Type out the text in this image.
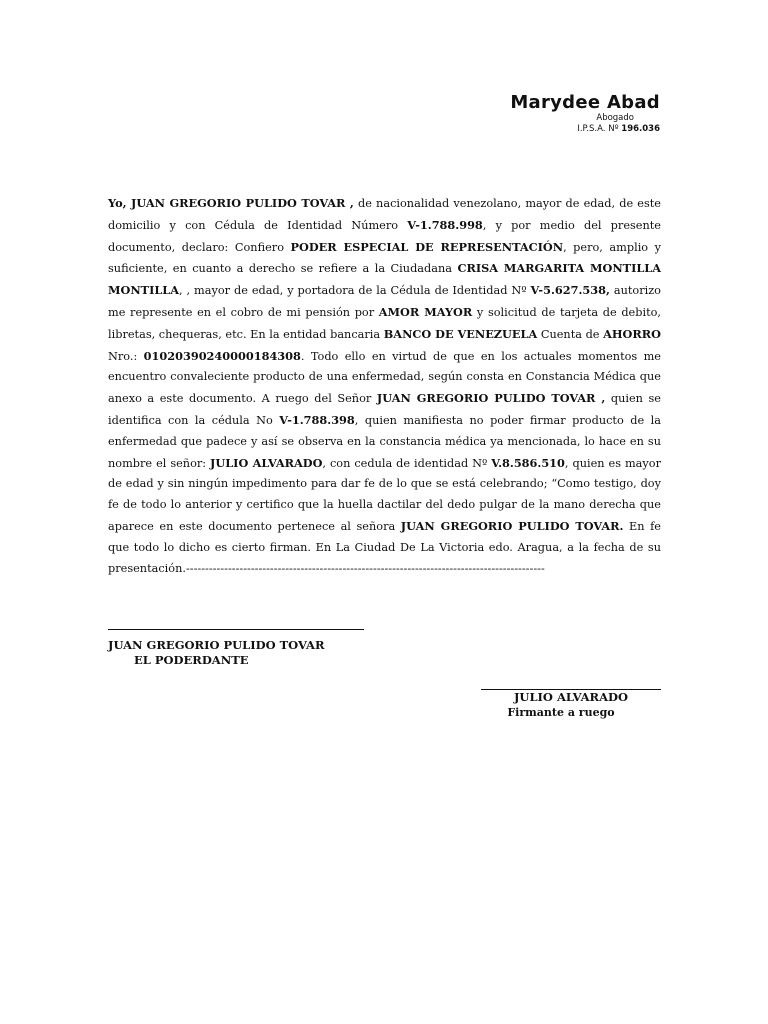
Marydee Abad
Abogado
I.P.S.A. Nº 196.036
Yo, JUAN GREGORIO PULIDO TOVAR , de nacionalidad venezolano, mayor de edad, de este domicilio y con Cédula de Identidad Número V-1.788.998, y por medio del presente documento, declaro: Confiero PODER ESPECIAL DE REPRESENTACIÓN, pero, amplio y suficiente, en cuanto a derecho se refiere a la Ciudadana CRISA MARGARITA MONTILLA MONTILLA, , mayor de edad, y portadora de la Cédula de Identidad Nº V-5.627.538, autorizo me represente en el cobro de mi pensión por AMOR MAYOR y solicitud de tarjeta de debito, libretas, chequeras, etc. En la entidad bancaria BANCO DE VENEZUELA Cuenta de AHORRO Nro.: 01020390240000184308. Todo ello en virtud de que en los actuales momentos me encuentro convaleciente producto de una enfermedad, según consta en Constancia Médica que anexo a este documento. A ruego del Señor JUAN GREGORIO PULIDO TOVAR , quien se identifica con la cédula No V-1.788.398, quien manifiesta no poder firmar producto de la enfermedad que padece y así se observa en la constancia médica ya mencionada, lo hace en su nombre el señor: JULIO ALVARADO, con cedula de identidad Nº V.8.586.510, quien es mayor de edad y sin ningún impedimento para dar fe de lo que se está celebrando; “Como testigo, doy fe de todo lo anterior y certifico que la huella dactilar del dedo pulgar de la mano derecha que aparece en este documento pertenece al señora JUAN GREGORIO PULIDO TOVAR. En fe que todo lo dicho es cierto firman. En La Ciudad De La Victoria edo. Aragua, a la fecha de su presentación.----------------------------------------------------------------------------------------------
JUAN GREGORIO PULIDO TOVAR
EL PODERDANTE
JULIO ALVARADO
Firmante a ruego
